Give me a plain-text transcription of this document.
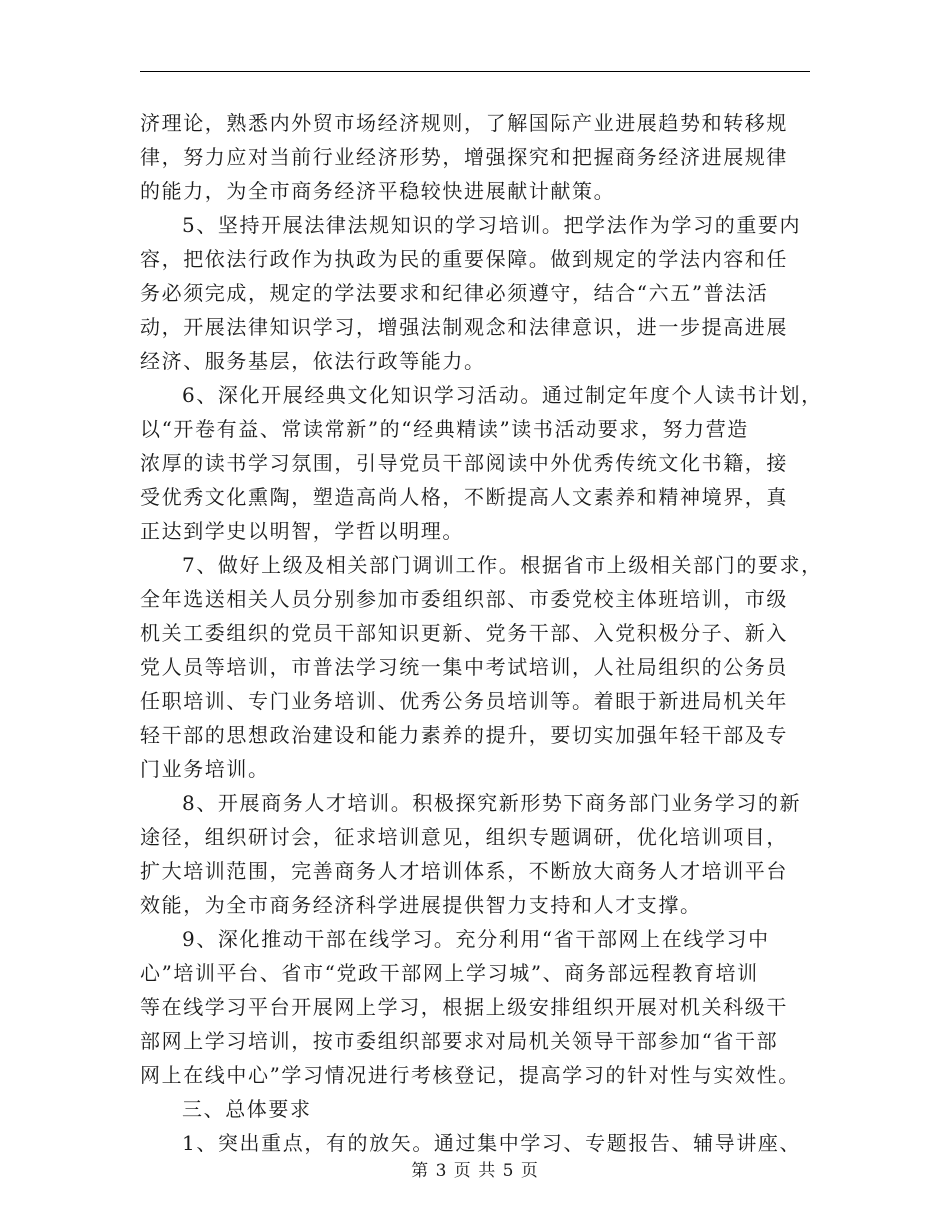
济理论，熟悉内外贸市场经济规则，了解国际产业进展趋势和转移规
律，努力应对当前行业经济形势，增强探究和把握商务经济进展规律
的能力，为全市商务经济平稳较快进展献计献策。
5、坚持开展法律法规知识的学习培训。把学法作为学习的重要内
容，把依法行政作为执政为民的重要保障。做到规定的学法内容和任
务必须完成，规定的学法要求和纪律必须遵守，结合“六五”普法活
动，开展法律知识学习，增强法制观念和法律意识，进一步提高进展
经济、服务基层，依法行政等能力。
6、深化开展经典文化知识学习活动。通过制定年度个人读书计划，
以“开卷有益、常读常新”的“经典精读”读书活动要求，努力营造
浓厚的读书学习氛围，引导党员干部阅读中外优秀传统文化书籍，接
受优秀文化熏陶，塑造高尚人格，不断提高人文素养和精神境界，真
正达到学史以明智，学哲以明理。
7、做好上级及相关部门调训工作。根据省市上级相关部门的要求，
全年选送相关人员分别参加市委组织部、市委党校主体班培训，市级
机关工委组织的党员干部知识更新、党务干部、入党积极分子、新入
党人员等培训，市普法学习统一集中考试培训，人社局组织的公务员
任职培训、专门业务培训、优秀公务员培训等。着眼于新进局机关年
轻干部的思想政治建设和能力素养的提升，要切实加强年轻干部及专
门业务培训。
8、开展商务人才培训。积极探究新形势下商务部门业务学习的新
途径，组织研讨会，征求培训意见，组织专题调研，优化培训项目，
扩大培训范围，完善商务人才培训体系，不断放大商务人才培训平台
效能，为全市商务经济科学进展提供智力支持和人才支撑。
9、深化推动干部在线学习。充分利用“省干部网上在线学习中
心”培训平台、省市“党政干部网上学习城”、商务部远程教育培训
等在线学习平台开展网上学习，根据上级安排组织开展对机关科级干
部网上学习培训，按市委组织部要求对局机关领导干部参加“省干部
网上在线中心”学习情况进行考核登记，提高学习的针对性与实效性。
三、总体要求
1、突出重点，有的放矢。通过集中学习、专题报告、辅导讲座、
第 3 页 共 5 页
